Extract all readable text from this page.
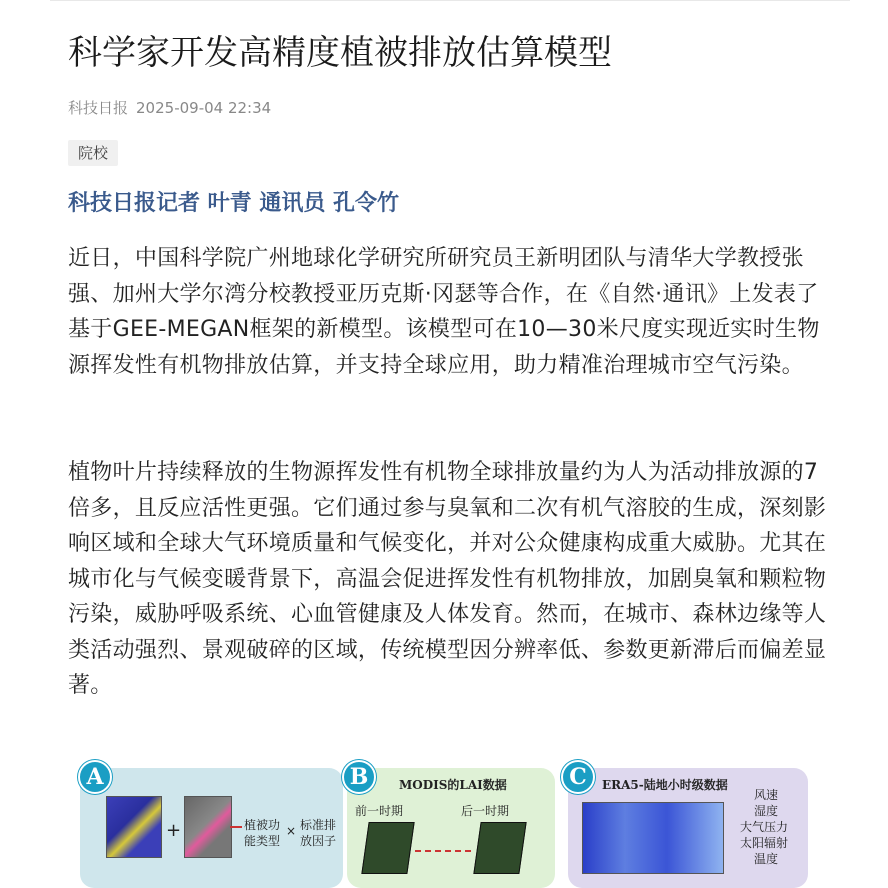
科学家开发高精度植被排放估算模型
科技日报 2025-09-04 22:34
院校
科技日报记者 叶青 通讯员 孔令竹

近日，中国科学院广州地球化学研究所研究员王新明团队与清华大学教授张强、加州大学尔湾分校教授亚历克斯·冈瑟等合作，在《自然·通讯》上发表了基于GEE-MEGAN框架的新模型。该模型可在10—30米尺度实现近实时生物源挥发性有机物排放估算，并支持全球应用，助力精准治理城市空气污染。

植物叶片持续释放的生物源挥发性有机物全球排放量约为人为活动排放源的7倍多，且反应活性更强。它们通过参与臭氧和二次有机气溶胶的生成，深刻影响区域和全球大气环境质量和气候变化，并对公众健康构成重大威胁。尤其在城市化与气候变暖背景下，高温会促进挥发性有机物排放，加剧臭氧和颗粒物污染，威胁呼吸系统、心血管健康及人体发育。然而，在城市、森林边缘等人类活动强烈、景观破碎的区域，传统模型因分辨率低、参数更新滞后而偏差显著。

+	植被功
能类型
× 标准排
放因子
A	MODIS的LAI数据
前一时期	后一时期
B	ERA5-陆地小时级数据
风速
湿度
大气压力
太阳辐射
温度
C
